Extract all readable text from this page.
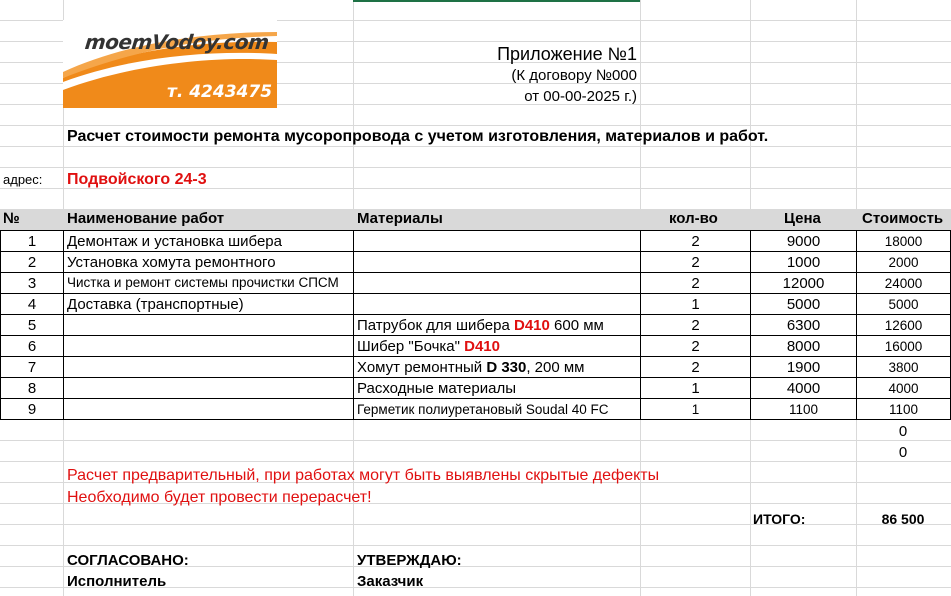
moemVodoy.com
т. 4243475
Приложение №1
(К договору №000
от 00-00-2025 г.)
Расчет стоимости ремонта мусоропровода с учетом изготовления, материалов и работ.
адрес: Подвойского 24-3
№	Наименование работ	Материалы	кол-во	Цена	Стоимость
1	Демонтаж и установка шибера		2	9000	18000
2	Установка хомута ремонтного		2	1000	2000
3	Чистка и ремонт системы прочистки СПСМ		2	12000	24000
4	Доставка (транспортные)		1	5000	5000
5		Патрубок для шибера D410 600 мм	2	6300	12600
6		Шибер "Бочка" D410	2	8000	16000
7		Хомут ремонтный D 330, 200 мм	2	1900	3800
8		Расходные материалы	1	4000	4000
9		Герметик полиуретановый Soudal 40 FC	1	1100	1100
0
0
Расчет предварительный, при работах могут быть выявлены скрытые дефекты
Необходимо будет провести перерасчет!
ИТОГО:	86 500
СОГЛАСОВАНО:	УТВЕРЖДАЮ:
Исполнитель	Заказчик
